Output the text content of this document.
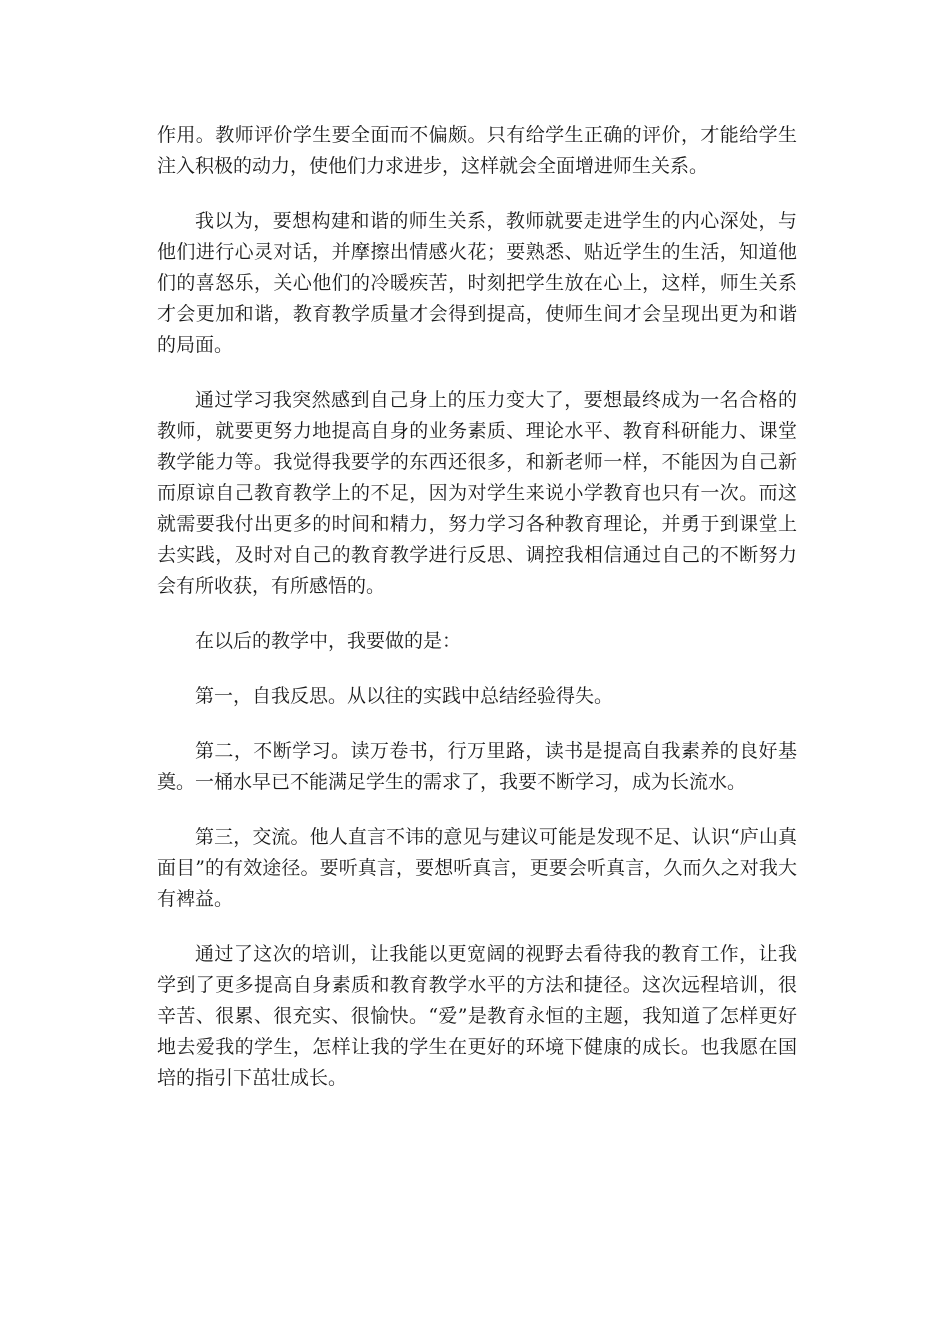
作用。教师评价学生要全面而不偏颇。只有给学生正确的评价，才能给学生注入积极的动力，使他们力求进步，这样就会全面增进师生关系。

我以为，要想构建和谐的师生关系，教师就要走进学生的内心深处，与他们进行心灵对话，并摩擦出情感火花；要熟悉、贴近学生的生活，知道他们的喜怒乐，关心他们的冷暖疾苦，时刻把学生放在心上，这样，师生关系才会更加和谐，教育教学质量才会得到提高，使师生间才会呈现出更为和谐的局面。

通过学习我突然感到自己身上的压力变大了，要想最终成为一名合格的教师，就要更努力地提高自身的业务素质、理论水平、教育科研能力、课堂教学能力等。我觉得我要学的东西还很多，和新老师一样，不能因为自己新而原谅自己教育教学上的不足，因为对学生来说小学教育也只有一次。而这就需要我付出更多的时间和精力，努力学习各种教育理论，并勇于到课堂上去实践，及时对自己的教育教学进行反思、调控我相信通过自己的不断努力会有所收获，有所感悟的。

在以后的教学中，我要做的是：

第一，自我反思。从以往的实践中总结经验得失。

第二，不断学习。读万卷书，行万里路，读书是提高自我素养的良好基奠。一桶水早已不能满足学生的需求了，我要不断学习，成为长流水。

第三，交流。他人直言不讳的意见与建议可能是发现不足、认识“庐山真面目”的有效途径。要听真言，要想听真言，更要会听真言，久而久之对我大有裨益。

通过了这次的培训，让我能以更宽阔的视野去看待我的教育工作，让我学到了更多提高自身素质和教育教学水平的方法和捷径。这次远程培训，很辛苦、很累、很充实、很愉快。“爱”是教育永恒的主题，我知道了怎样更好地去爱我的学生，怎样让我的学生在更好的环境下健康的成长。也我愿在国培的指引下茁壮成长。
